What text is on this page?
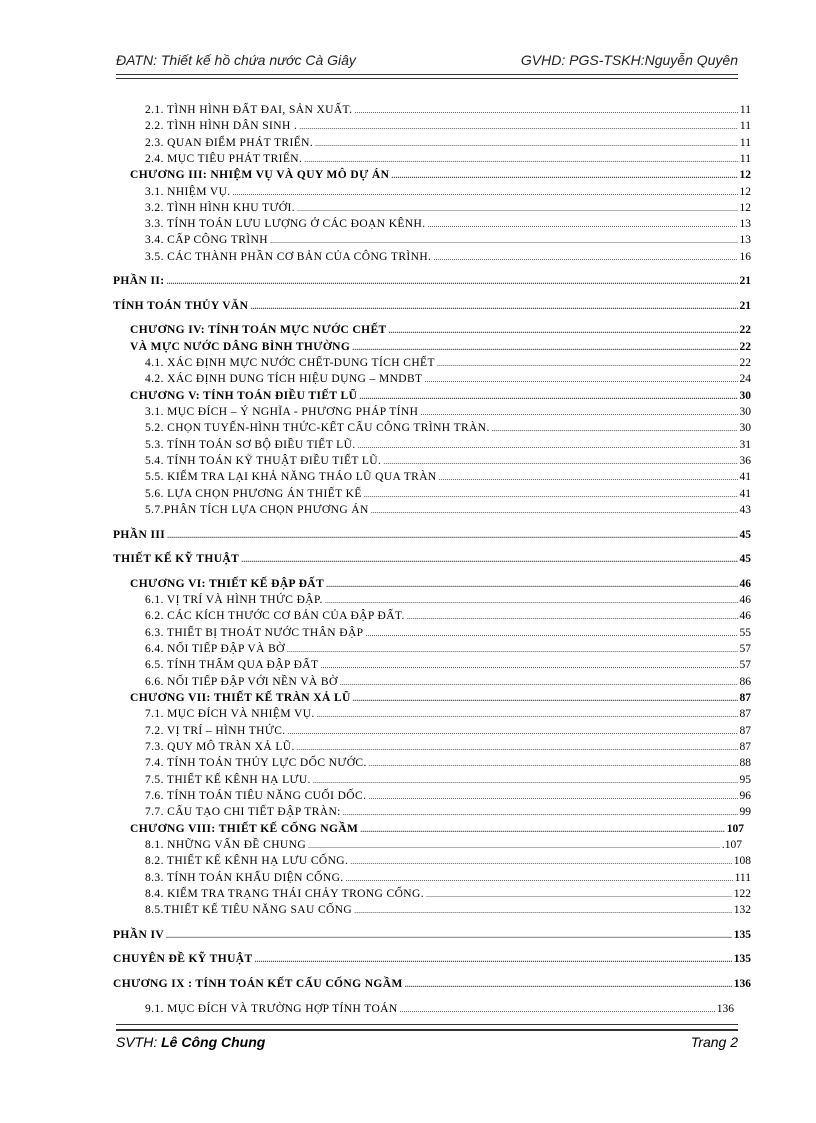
ĐATN: Thiết kế hồ chứa nước Cà Giây	GVHD: PGS-TSKH:Nguyễn Quyên
2.1. TÌNH HÌNH ĐẤT ĐAI, SẢN XUẤT. .....	11
2.2. TÌNH HÌNH DÂN SINH . .....	11
2.3. QUAN ĐIỂM PHÁT TRIỂN. .....	11
2.4. MỤC TIÊU PHÁT TRIỂN. .....	11
CHƯƠNG III: NHIỆM VỤ VÀ QUY MÔ DỰ ÁN .....	12
3.1. NHIỆM VỤ. .....	12
3.2. TÌNH HÌNH KHU TƯỚI. .....	12
3.3. TÍNH TOÁN LƯU LƯỢNG Ở CÁC ĐOẠN KÊNH. .....	13
3.4. CẤP CÔNG TRÌNH .....	13
3.5. CÁC THÀNH PHẦN CƠ BẢN CỦA CÔNG TRÌNH. .....	16
PHẦN II: .....	21
TÍNH TOÁN THỦY VĂN .....	21
CHƯƠNG IV: TÍNH TOÁN MỰC NƯỚC CHẾT .....	22
VÀ MỰC NƯỚC DÂNG BÌNH THƯỜNG .....	22
4.1. XÁC ĐỊNH MỰC NƯỚC CHẾT-DUNG TÍCH CHẾT .....	22
4.2. XÁC ĐỊNH DUNG TÍCH HIỆU DỤNG – MNDBT .....	24
CHƯƠNG V: TÍNH TOÁN ĐIỀU TIẾT LŨ .....	30
3.1. MỤC ĐÍCH – Ý NGHĨA - PHƯƠNG PHÁP TÍNH .....	30
5.2. CHỌN TUYẾN-HÌNH THỨC-KẾT CẤU CÔNG TRÌNH TRÀN. .....	30
5.3. TÍNH TOÁN SƠ BỘ ĐIỀU TIẾT LŨ. .....	31
5.4. TÍNH TOÁN KỸ THUẬT ĐIỀU TIẾT LŨ. .....	36
5.5. KIỂM TRA LẠI KHẢ NĂNG THÁO LŨ QUA TRÀN .....	41
5.6. LỰA CHỌN PHƯƠNG ÁN THIẾT KẾ .....	41
5.7.PHÂN TÍCH LỰA CHỌN PHƯƠNG ÁN .....	43
PHẦN III .....	45
THIẾT KẾ KỸ THUẬT .....	45
CHƯƠNG VI: THIẾT KẾ ĐẬP ĐẤT .....	46
6.1. VỊ TRÍ VÀ HÌNH THỨC ĐẬP. .....	46
6.2. CÁC KÍCH THƯỚC CƠ BẢN CỦA ĐẬP ĐẤT. .....	46
6.3. THIẾT BỊ THOÁT NƯỚC THÂN ĐẬP .....	55
6.4. NỐI TIẾP ĐẬP VÀ BỜ .....	57
6.5. TÍNH THẤM QUA ĐẬP ĐẤT .....	57
6.6. NỐI TIẾP ĐẬP VỚI NỀN VÀ BỜ .....	86
CHƯƠNG VII: THIẾT KẾ TRÀN XẢ LŨ .....	87
7.1. MỤC ĐÍCH VÀ NHIỆM VỤ. .....	87
7.2. VỊ TRÍ – HÌNH THỨC. .....	87
7.3. QUY MÔ TRÀN XẢ LŨ. .....	87
7.4. TÍNH TOÁN THỦY LỰC DỐC NƯỚC. .....	88
7.5. THIẾT KẾ KÊNH HẠ LƯU. .....	95
7.6. TÍNH TOÁN TIÊU NĂNG CUỐI DỐC. .....	96
7.7. CẤU TẠO CHI TIẾT ĐẬP TRÀN: .....	99
CHƯƠNG VIII: THIẾT KẾ CỐNG NGẦM .....	107
8.1. NHỮNG VẤN ĐỀ CHUNG .....	.107
8.2. THIẾT KẾ KÊNH HẠ LƯU CỐNG. .....	108
8.3. TÍNH TOÁN KHẨU DIỆN CỐNG. .....	111
8.4. KIỂM TRA TRẠNG THÁI CHẢY TRONG CỐNG. .....	122
8.5.THIẾT KẾ TIÊU NĂNG SAU CỐNG .....	132
PHẦN IV .....	135
CHUYÊN ĐỀ KỸ THUẬT .....	135
CHƯƠNG IX : TÍNH TOÁN KẾT CẤU CỐNG NGẦM .....	136
9.1. MỤC ĐÍCH VÀ TRƯỜNG HỢP TÍNH TOÁN .....	136
SVTH: Lê Công Chung	Trang 2
